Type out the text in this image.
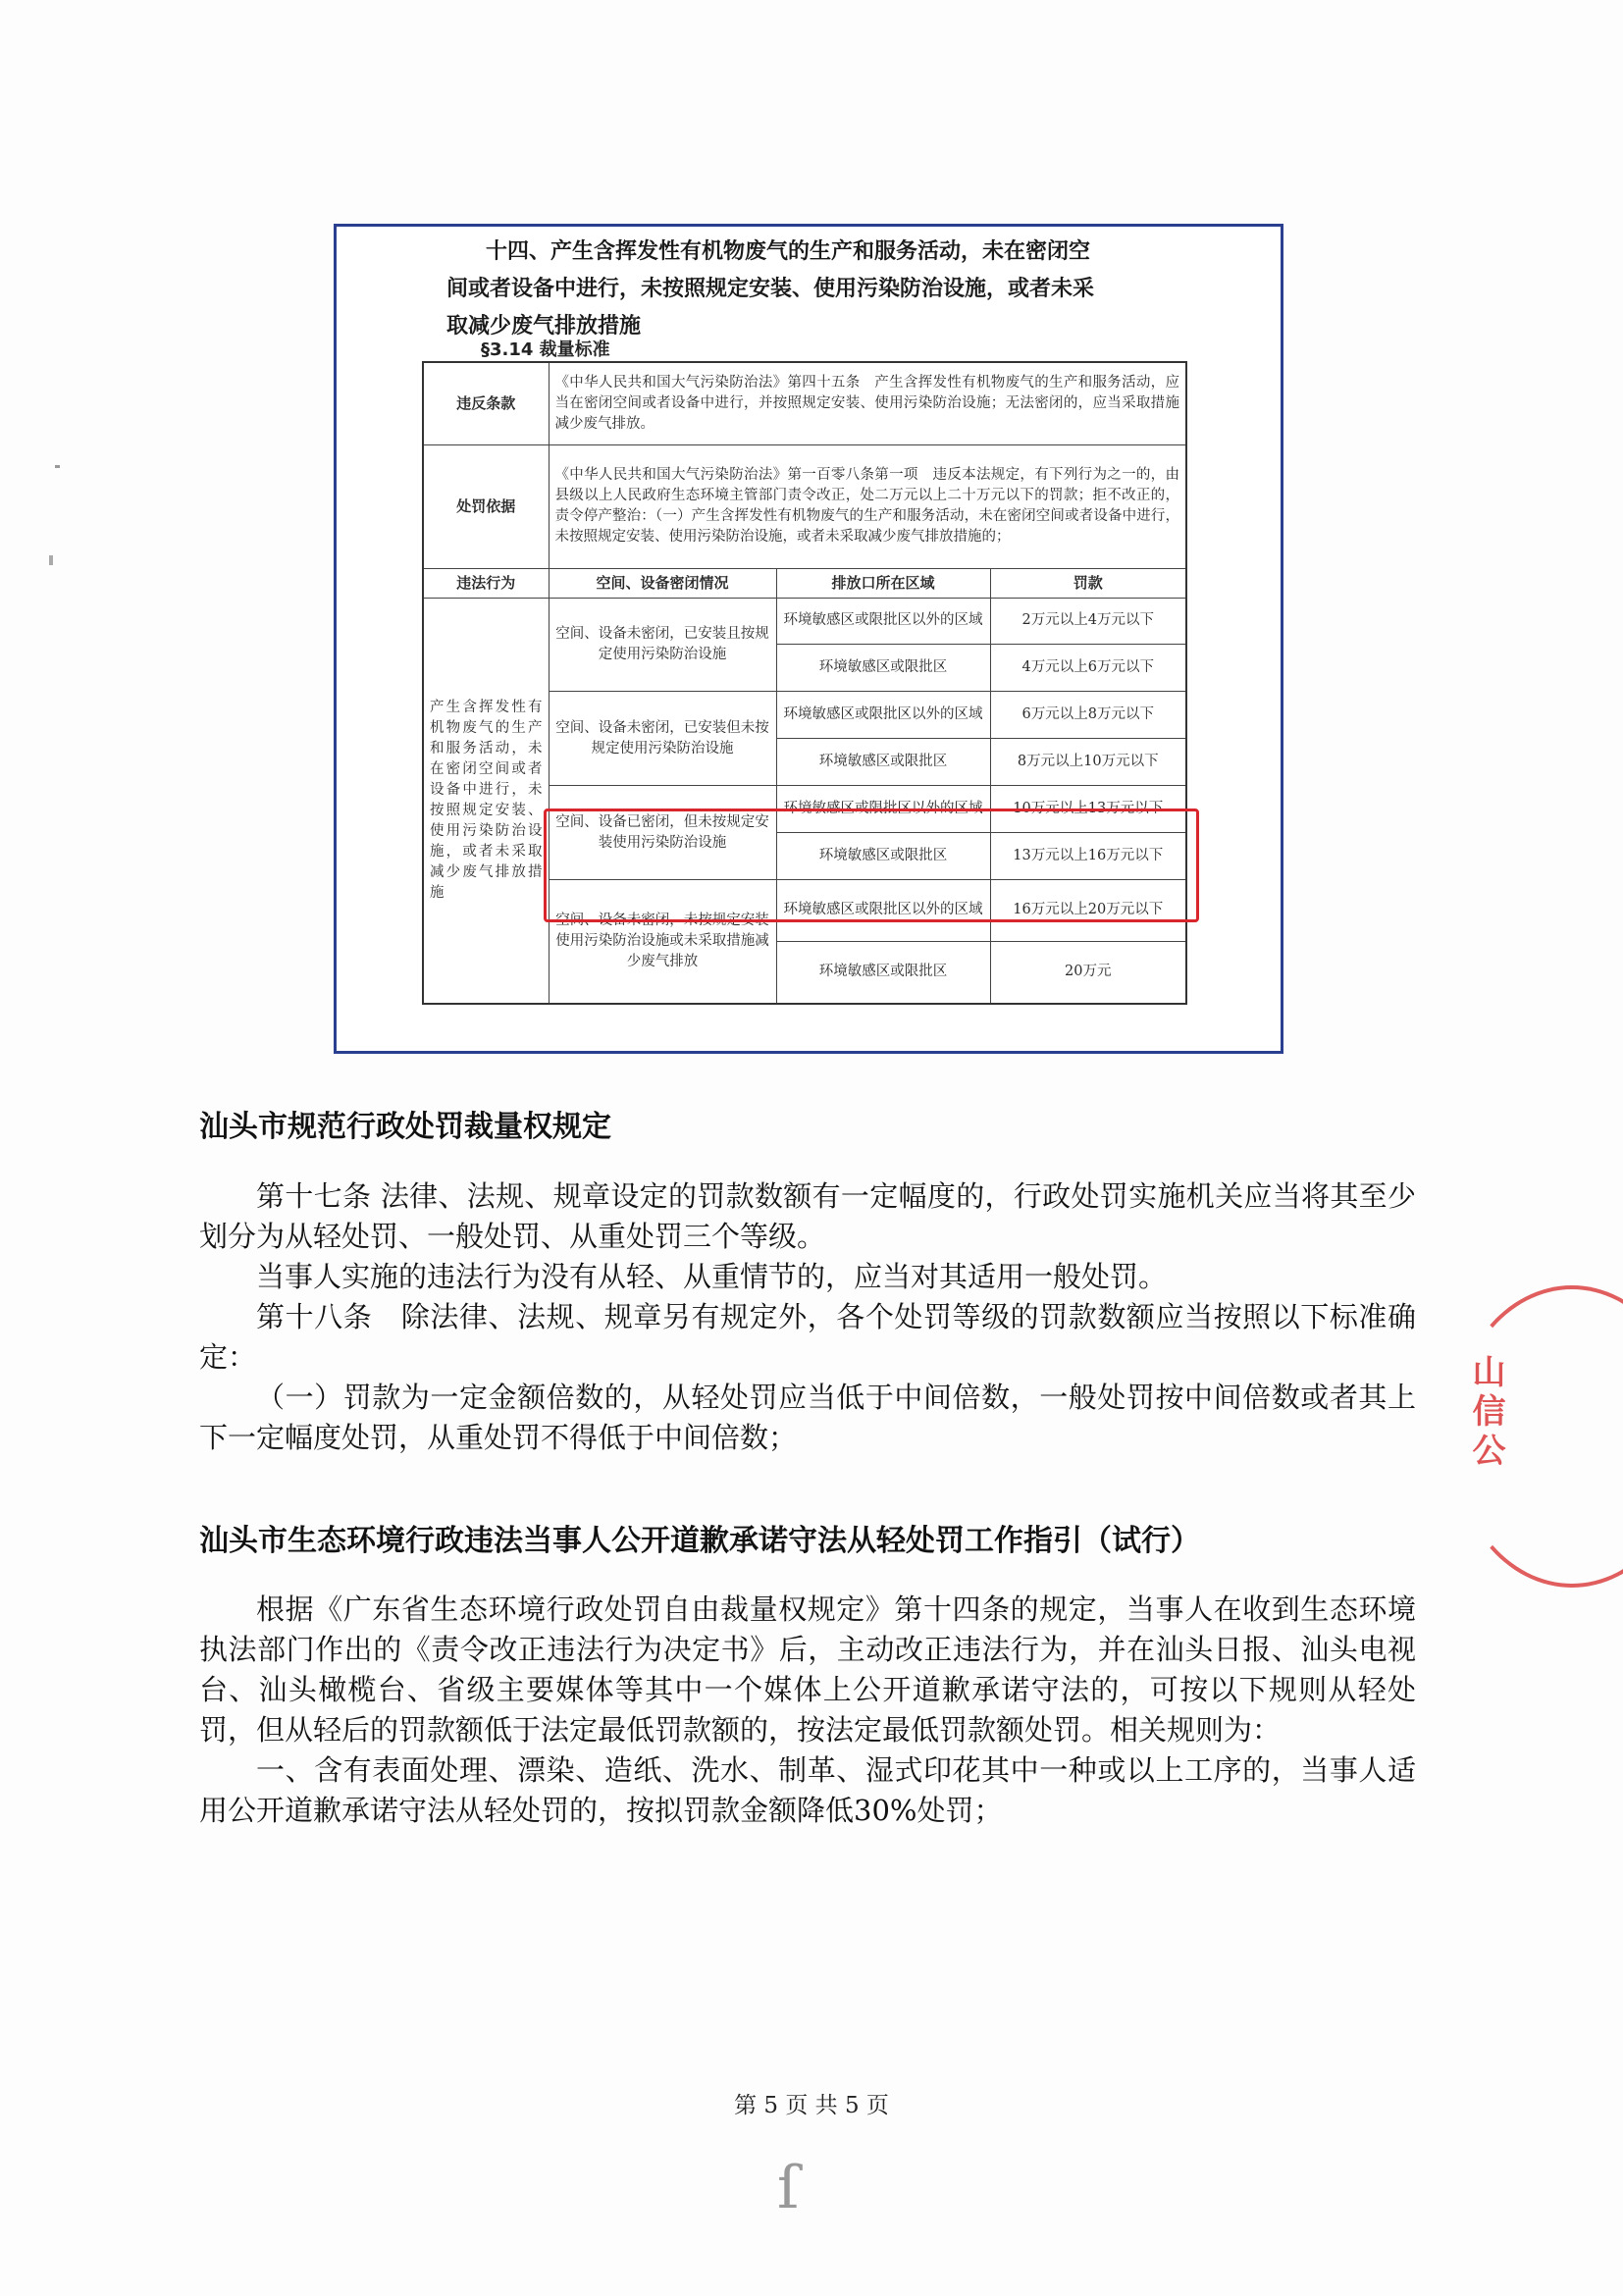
十四、产生含挥发性有机物废气的生产和服务活动，未在密闭空
间或者设备中进行，未按照规定安装、使用污染防治设施，或者未采
取减少废气排放措施
§3.14 裁量标准
违反条款	《中华人民共和国大气污染防治法》第四十五条　产生含挥发性有机物废气的生产和服务活动，应当在密闭空间或者设备中进行，并按照规定安装、使用污染防治设施；无法密闭的，应当采取措施减少废气排放。		
处罚依据	《中华人民共和国大气污染防治法》第一百零八条第一项　违反本法规定，有下列行为之一的，由县级以上人民政府生态环境主管部门责令改正，处二万元以上二十万元以下的罚款；拒不改正的，责令停产整治：（一）产生含挥发性有机物废气的生产和服务活动，未在密闭空间或者设备中进行，未按照规定安装、使用污染防治设施，或者未采取减少废气排放措施的；		
违法行为	空间、设备密闭情况	排放口所在区域	罚款
产生含挥发性有机物废气的生产和服务活动，未在密闭空间或者设备中进行，未按照规定安装、使用污染防治设施，或者未采取减少废气排放措施	空间、设备未密闭，已安装且按规定使用污染防治设施	环境敏感区或限批区以外的区域	2万元以上4万元以下
		环境敏感区或限批区	4万元以上6万元以下
	空间、设备未密闭，已安装但未按规定使用污染防治设施	环境敏感区或限批区以外的区域	6万元以上8万元以下
		环境敏感区或限批区	8万元以上10万元以下
	空间、设备已密闭，但未按规定安装使用污染防治设施	环境敏感区或限批区以外的区域	10万元以上13万元以下
		环境敏感区或限批区	13万元以上16万元以下
	空间、设备未密闭，未按规定安装使用污染防治设施或未采取措施减少废气排放	环境敏感区或限批区以外的区域	16万元以上20万元以下
		环境敏感区或限批区	20万元
汕头市规范行政处罚裁量权规定

第十七条 法律、法规、规章设定的罚款数额有一定幅度的，行政处罚实施机关应当将其至少划分为从轻处罚、一般处罚、从重处罚三个等级。

当事人实施的违法行为没有从轻、从重情节的，应当对其适用一般处罚。

第十八条　除法律、法规、规章另有规定外，各个处罚等级的罚款数额应当按照以下标准确定：

（一）罚款为一定金额倍数的，从轻处罚应当低于中间倍数，一般处罚按中间倍数或者其上下一定幅度处罚，从重处罚不得低于中间倍数；

汕头市生态环境行政违法当事人公开道歉承诺守法从轻处罚工作指引（试行）

根据《广东省生态环境行政处罚自由裁量权规定》第十四条的规定，当事人在收到生态环境执法部门作出的《责令改正违法行为决定书》后，主动改正违法行为，并在汕头日报、汕头电视台、汕头橄榄台、省级主要媒体等其中一个媒体上公开道歉承诺守法的，可按以下规则从轻处罚，但从轻后的罚款额低于法定最低罚款额的，按法定最低罚款额处罚。相关规则为：

一、含有表面处理、漂染、造纸、洗水、制革、湿式印花其中一种或以上工序的，当事人适用公开道歉承诺守法从轻处罚的，按拟罚款金额降低30%处罚；

山信公
第 5 页 共 5 页
ſ
